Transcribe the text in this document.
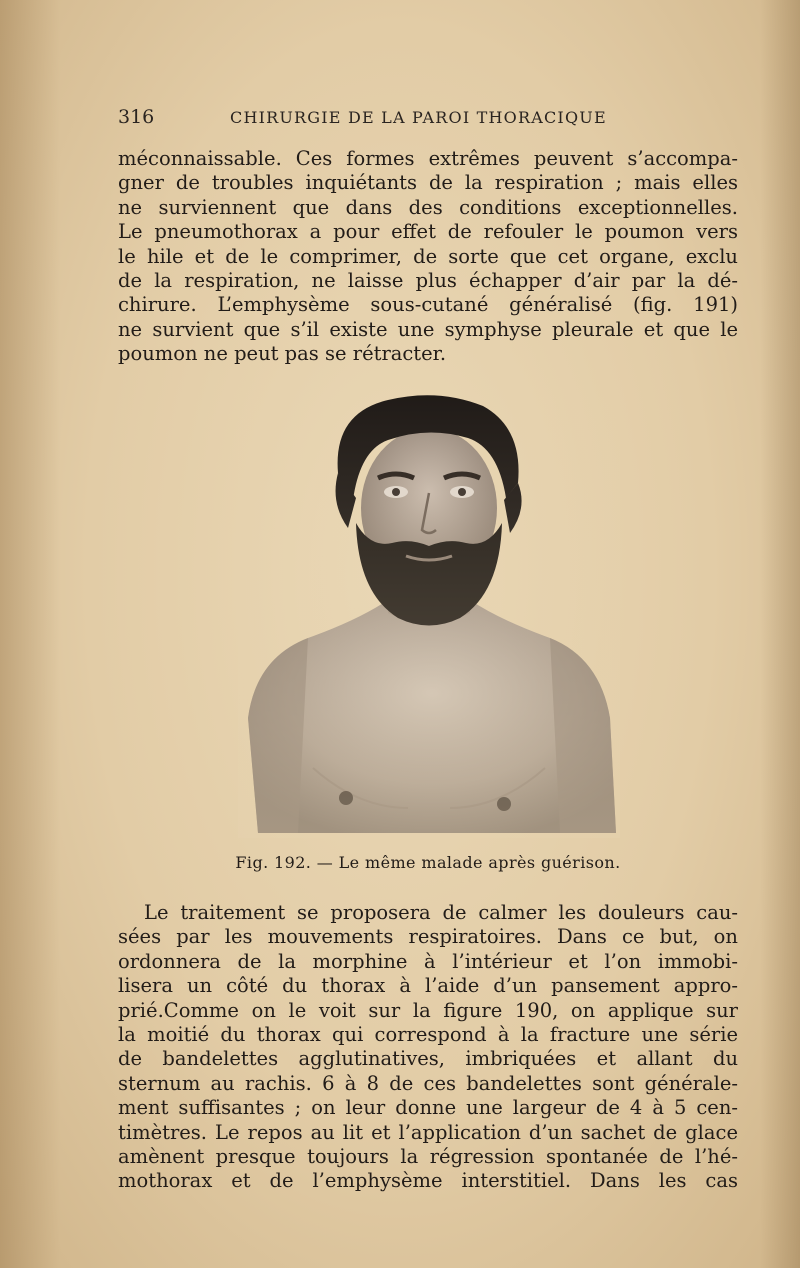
316	CHIRURGIE DE LA PAROI THORACIQUE
méconnaissable. Ces formes extrêmes peuvent s’accompa-
gner de troubles inquiétants de la respiration ; mais elles
ne surviennent que dans des conditions exceptionnelles.
Le pneumothorax a pour effet de refouler le poumon vers
le hile et de le comprimer, de sorte que cet organe, exclu
de la respiration, ne laisse plus échapper d’air par la dé-
chirure. L’emphysème sous-cutané généralisé (fig. 191)
ne survient que s’il existe une symphyse pleurale et que le
poumon ne peut pas se rétracter.
Fig. 192. — Le même malade après guérison.
Le traitement se proposera de calmer les douleurs cau-
sées par les mouvements respiratoires. Dans ce but, on
ordonnera de la morphine à l’intérieur et l’on immobi-
lisera un côté du thorax à l’aide d’un pansement appro-
prié.Comme on le voit sur la figure 190, on applique sur
la moitié du thorax qui correspond à la fracture une série
de bandelettes agglutinatives, imbriquées et allant du
sternum au rachis. 6 à 8 de ces bandelettes sont générale-
ment suffisantes ; on leur donne une largeur de 4 à 5 cen-
timètres. Le repos au lit et l’application d’un sachet de glace
amènent presque toujours la régression spontanée de l’hé-
mothorax et de l’emphysème interstitiel. Dans les cas
